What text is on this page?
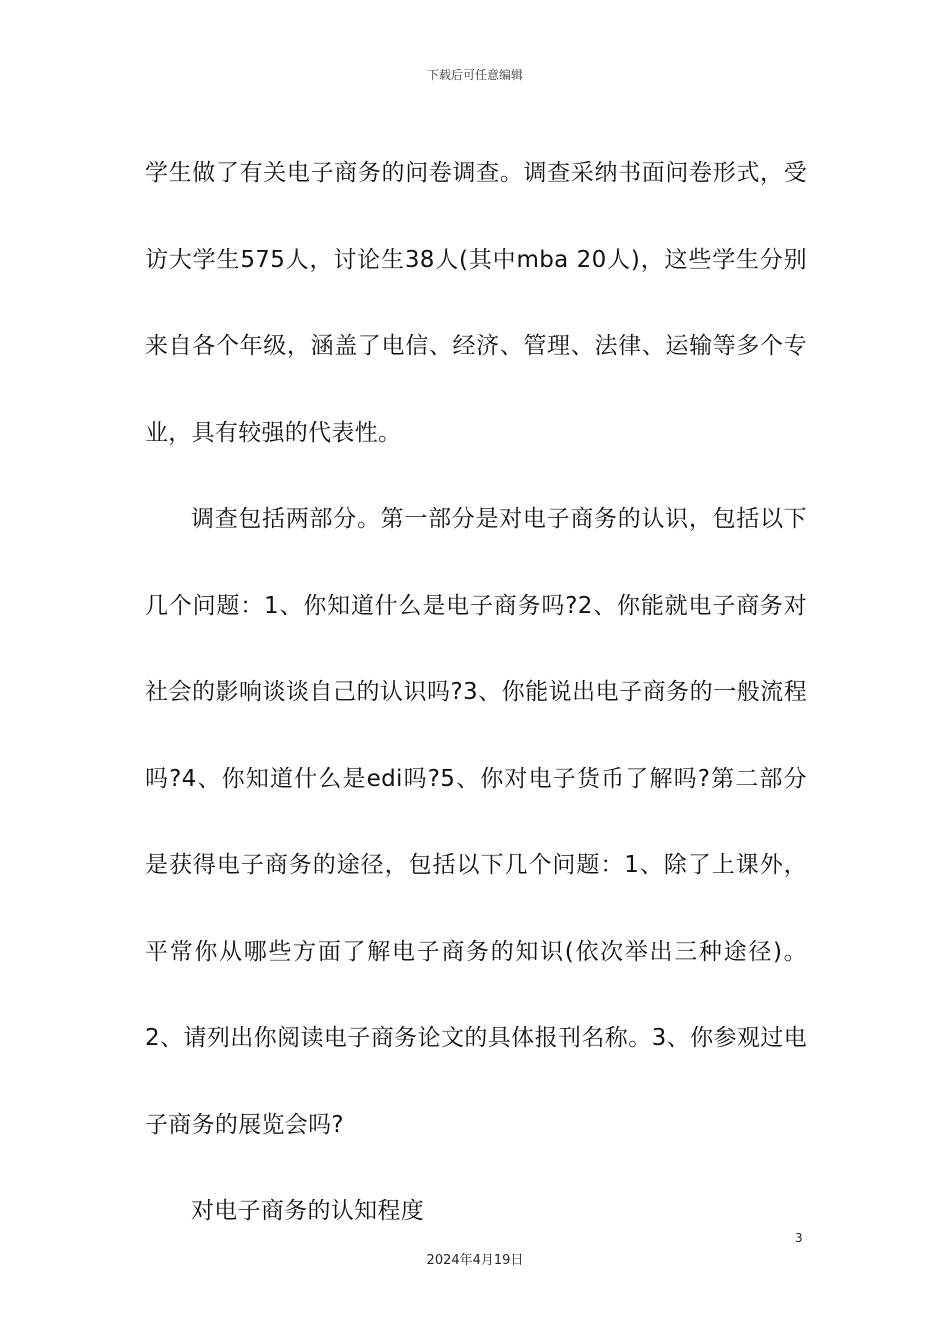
下载后可任意编辑

学生做了有关电子商务的问卷调查。调查采纳书面问卷形式，受访大学生575人，讨论生38人(其中mba 20人)，这些学生分别来自各个年级，涵盖了电信、经济、管理、法律、运输等多个专业，具有较强的代表性。

调查包括两部分。第一部分是对电子商务的认识，包括以下几个问题：1、你知道什么是电子商务吗?2、你能就电子商务对社会的影响谈谈自己的认识吗?3、你能说出电子商务的一般流程吗?4、你知道什么是edi吗?5、你对电子货币了解吗?第二部分是获得电子商务的途径，包括以下几个问题：1、除了上课外，平常你从哪些方面了解电子商务的知识(依次举出三种途径)。2、请列出你阅读电子商务论文的具体报刊名称。3、你参观过电子商务的展览会吗?

对电子商务的认知程度

3
2024年4月19日
